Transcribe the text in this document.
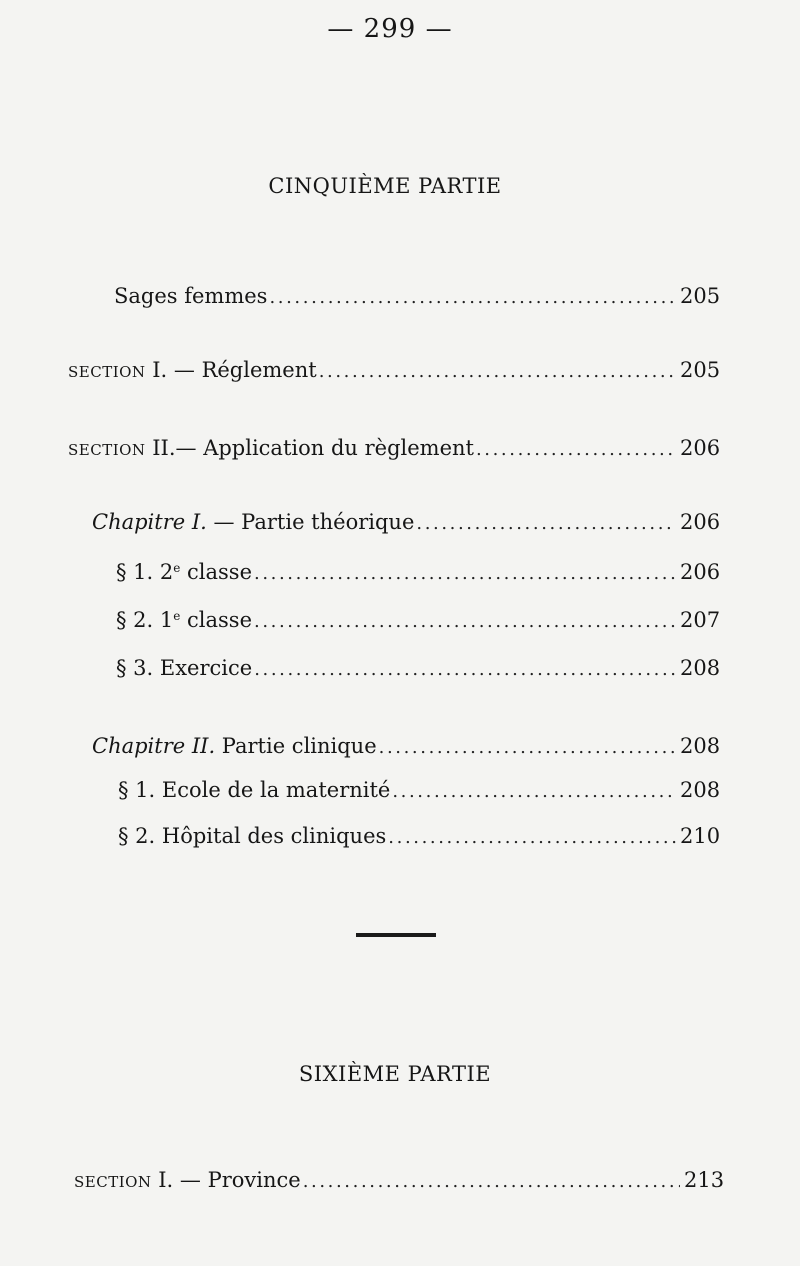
— 299 —
CINQUIÈME PARTIE
Sages femmes .....	205
SECTION I. — Réglement .....	205
SECTION II.— Application du règlement .....	206
Chapitre I. — Partie théorique .....	206
§ 1. 2e classe .....	206
§ 2. 1e classe .....	207
§ 3. Exercice .....	208
Chapitre II. Partie clinique .....	208
§ 1. Ecole de la maternité .....	208
§ 2. Hôpital des cliniques .....	210
SIXIÈME PARTIE
SECTION I. — Province .....	213
